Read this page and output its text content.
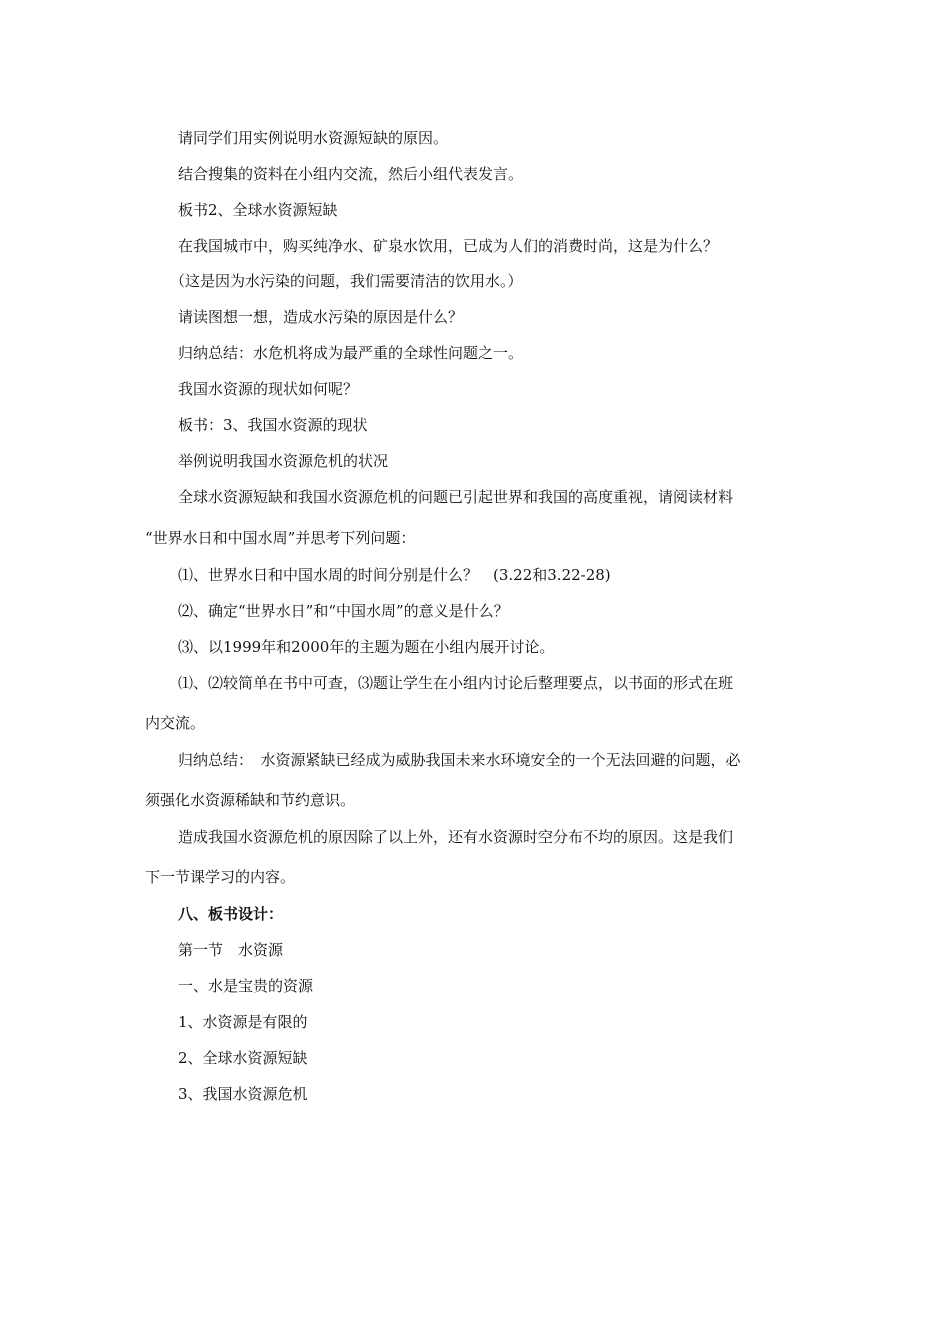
请同学们用实例说明水资源短缺的原因。
结合搜集的资料在小组内交流，然后小组代表发言。
板书2、全球水资源短缺
在我国城市中，购买纯净水、矿泉水饮用，已成为人们的消费时尚，这是为什么？
（这是因为水污染的问题，我们需要清洁的饮用水。）
请读图想一想，造成水污染的原因是什么？
归纳总结：水危机将成为最严重的全球性问题之一。
我国水资源的现状如何呢？
板书：3、我国水资源的现状
举例说明我国水资源危机的状况
全球水资源短缺和我国水资源危机的问题已引起世界和我国的高度重视，请阅读材料
“世界水日和中国水周”并思考下列问题：
⑴、世界水日和中国水周的时间分别是什么？　(3.22和3.22-28)
⑵、确定“世界水日”和“中国水周”的意义是什么？
⑶、以1999年和2000年的主题为题在小组内展开讨论。
⑴、⑵较简单在书中可查，⑶题让学生在小组内讨论后整理要点，以书面的形式在班
内交流。
归纳总结：　水资源紧缺已经成为威胁我国未来水环境安全的一个无法回避的问题，必
须强化水资源稀缺和节约意识。
造成我国水资源危机的原因除了以上外，还有水资源时空分布不均的原因。这是我们
下一节课学习的内容。
八、板书设计：
第一节　水资源
一、水是宝贵的资源
1、水资源是有限的
2、全球水资源短缺
3、我国水资源危机
